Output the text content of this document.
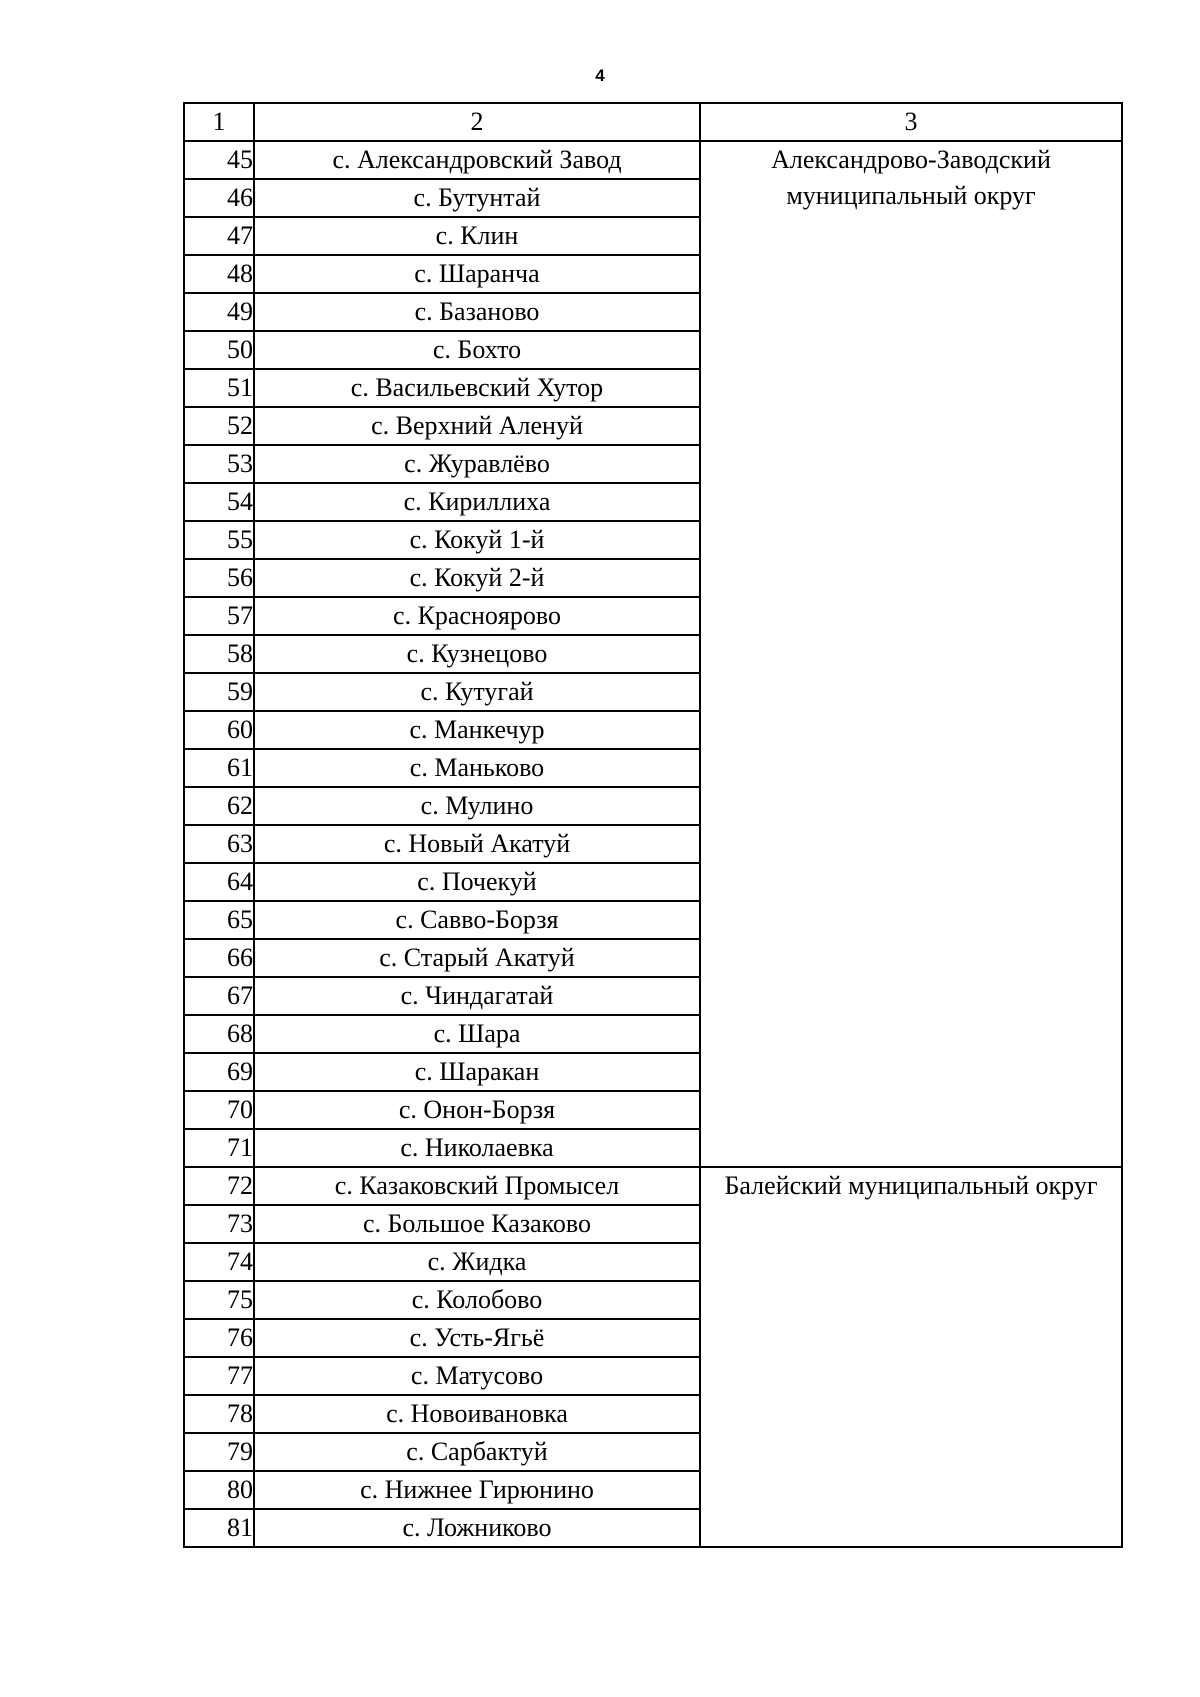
4
1	2	3
45	с. Александровский Завод	Александрово-Заводский муниципальный округ
46	с. Бутунтай	
47	с. Клин	
48	с. Шаранча	
49	с. Базаново	
50	с. Бохто	
51	с. Васильевский Хутор	
52	с. Верхний Аленуй	
53	с. Журавлёво	
54	с. Кириллиха	
55	с. Кокуй 1-й	
56	с. Кокуй 2-й	
57	с. Краснoярово	
58	с. Кузнецово	
59	с. Кутугай	
60	с. Манкечур	
61	с. Маньково	
62	с. Мулино	
63	с. Новый Акатуй	
64	с. Почекуй	
65	с. Савво-Борзя	
66	с. Старый Акатуй	
67	с. Чиндагатай	
68	с. Шара	
69	с. Шаракан	
70	с. Онон-Борзя	
71	с. Николаевка	
72	с. Казаковский Промысел	Балейский муниципальный округ
73	с. Большое Казаково	
74	с. Жидка	
75	с. Колобово	
76	с. Усть-Ягьё	
77	с. Матусово	
78	с. Новоивановка	
79	с. Сарбактуй	
80	с. Нижнее Гирюнино	
81	с. Ложниково	
